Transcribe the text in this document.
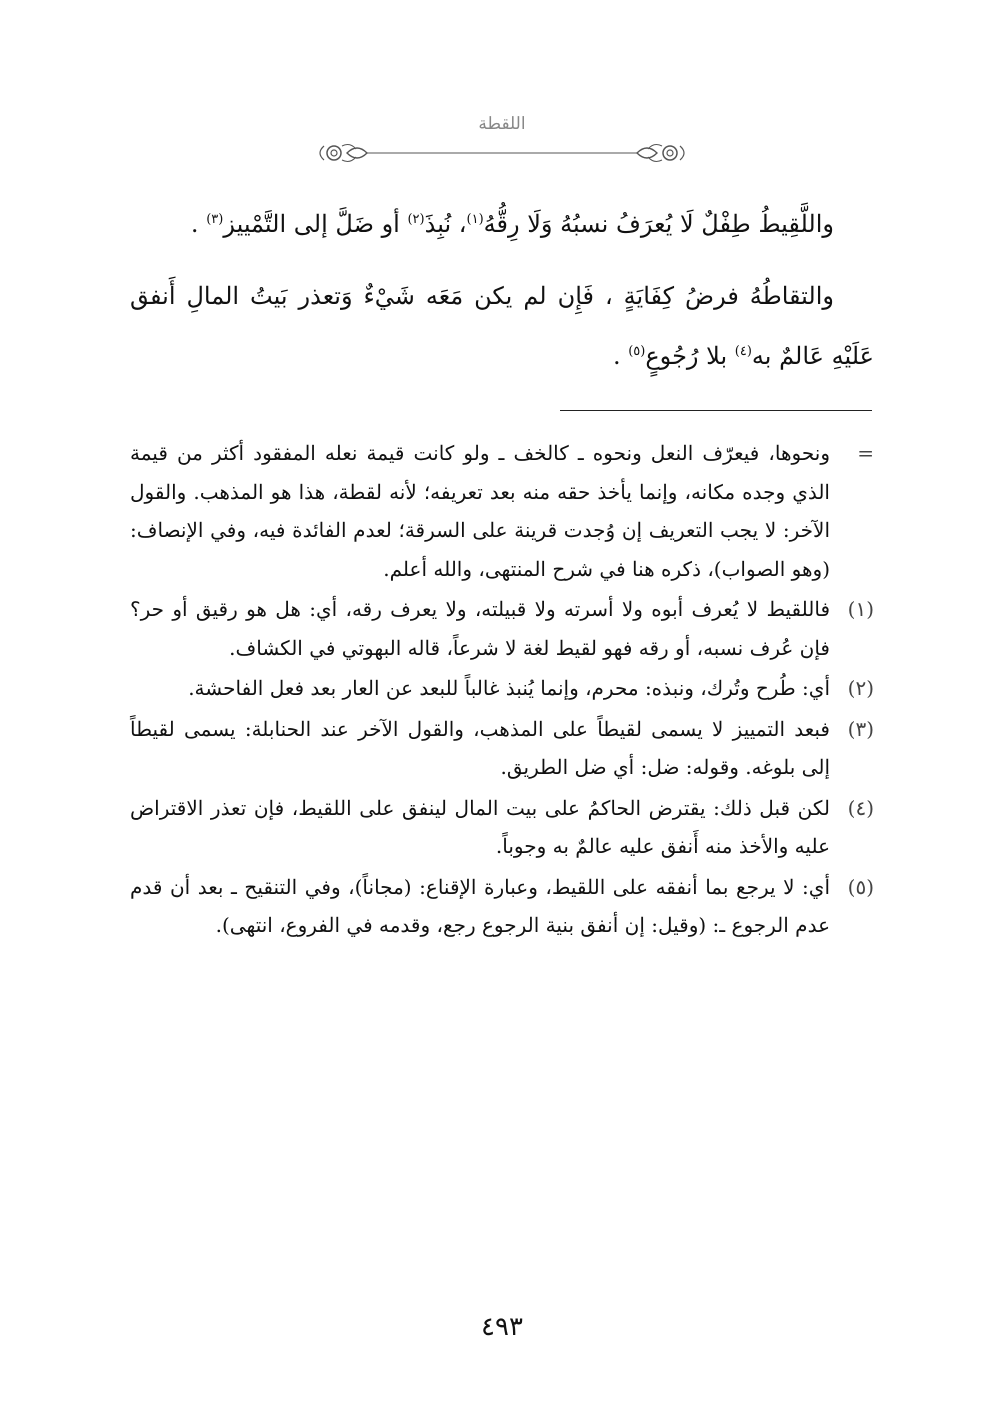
اللقطة

واللَّقِيطُ طِفْلٌ لَا يُعرَفُ نسبُهُ وَلَا رِقُّهُ$^{(١)}$، نُبِذَ$^{(٢)}$ أو ضَلَّ إلى التَّمْييز$^{(٣)}$ .

والتقاطُهُ فرضُ كِفَايَةٍ ، فَإِن لم يكن مَعَه شَيْءٌ وَتعذر بَيتُ المالِ أَنفق عَلَيْهِ عَالمٌ به$^{(٤)}$ بلا رُجُوعٍ$^{(٥)}$ .

=
ونحوها، فيعرّف النعل ونحوه ـ كالخف ـ ولو كانت قيمة نعله المفقود أكثر من قيمة الذي وجده مكانه، وإنما يأخذ حقه منه بعد تعريفه؛ لأنه لقطة، هذا هو المذهب. والقول الآخر: لا يجب التعريف إن وُجدت قرينة على السرقة؛ لعدم الفائدة فيه، وفي الإنصاف: (وهو الصواب)، ذكره هنا في شرح المنتهى، والله أعلم.
(١)
فاللقيط لا يُعرف أبوه ولا أسرته ولا قبيلته، ولا يعرف رقه، أي: هل هو رقيق أو حر؟ فإن عُرف نسبه، أو رقه فهو لقيط لغة لا شرعاً، قاله البهوتي في الكشاف.
(٢)
أي: طُرح وتُرك، ونبذه: محرم، وإنما يُنبذ غالباً للبعد عن العار بعد فعل الفاحشة.
(٣)
فبعد التمييز لا يسمى لقيطاً على المذهب، والقول الآخر عند الحنابلة: يسمى لقيطاً إلى بلوغه. وقوله: ضل: أي ضل الطريق.
(٤)
لكن قبل ذلك: يقترض الحاكمُ على بيت المال لينفق على اللقيط، فإن تعذر الاقتراض عليه والأخذ منه أَنفق عليه عالمٌ به وجوباً.
(٥)
أي: لا يرجع بما أنفقه على اللقيط، وعبارة الإقناع: (مجاناً)، وفي التنقيح ـ بعد أن قدم عدم الرجوع ـ: (وقيل: إن أنفق بنية الرجوع رجع، وقدمه في الفروع، انتهى).
٤٩٣
